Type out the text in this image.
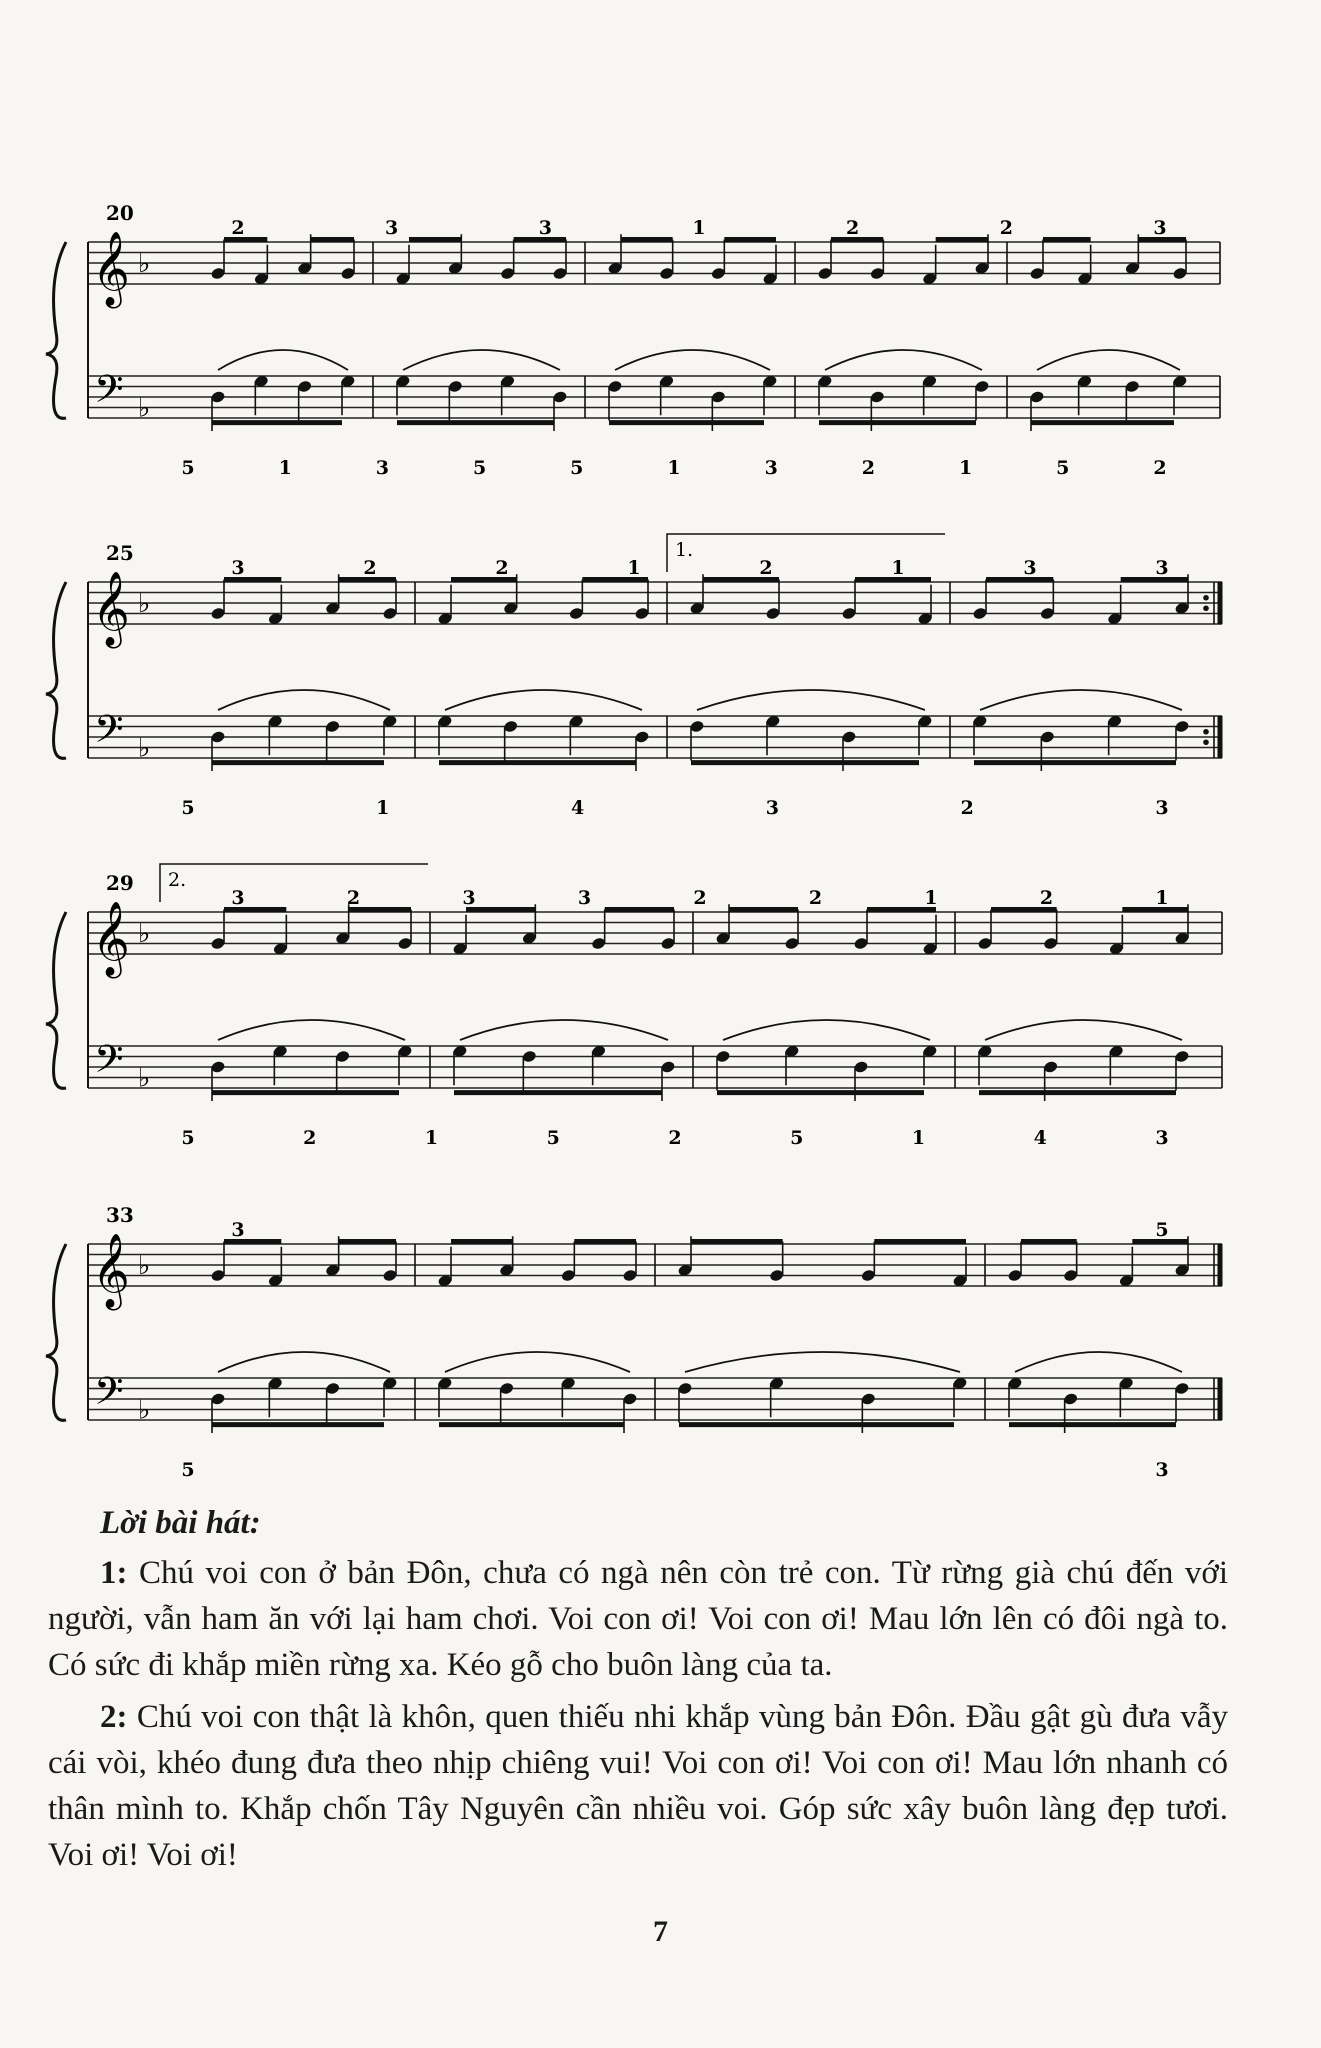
𝄞
𝄢
♭
♭
20
2	3	3	1	2	2	3
5	1	3	5	5	1	3	2	1	5	2
𝄞
𝄢
♭
♭
25	1.
3	2	2	1	2	1	3	3
5	1	4	3	2	3
𝄞
𝄢
♭
♭
29 2.
3	2	3	3	2	2	1	2	1
5	2	1	5	2	5	1	4	3
𝄞
𝄢
♭
♭
33
3	5
5	3
Lời bài hát:

1: Chú voi con ở bản Đôn, chưa có ngà nên còn trẻ con. Từ rừng già chú đến với người, vẫn ham ăn với lại ham chơi. Voi con ơi! Voi con ơi! Mau lớn lên có đôi ngà to. Có sức đi khắp miền rừng xa. Kéo gỗ cho buôn làng của ta.

2: Chú voi con thật là khôn, quen thiếu nhi khắp vùng bản Đôn. Đầu gật gù đưa vẫy cái vòi, khéo đung đưa theo nhịp chiêng vui! Voi con ơi! Voi con ơi! Mau lớn nhanh có thân mình to. Khắp chốn Tây Nguyên cần nhiều voi. Góp sức xây buôn làng đẹp tươi. Voi ơi! Voi ơi!

7
